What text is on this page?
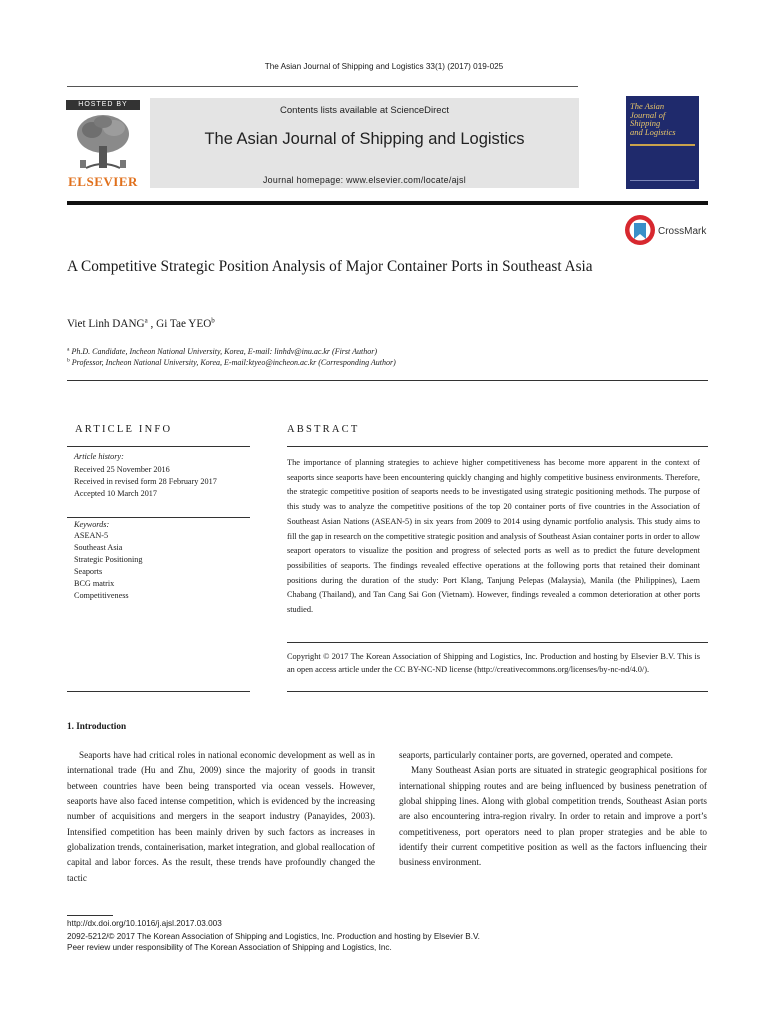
The Asian Journal of Shipping and Logistics 33(1) (2017) 019-025
HOSTED BY
ELSEVIER
Contents lists available at ScienceDirect
The Asian Journal of Shipping and Logistics
Journal homepage: www.elsevier.com/locate/ajsl
The Asian
Journal of
Shipping
and Logistics
CrossMark
A Competitive Strategic Position Analysis of Major Container Ports in Southeast Asia
Viet Linh DANG$^a$ , Gi Tae YEO$^b$
$^a$ Ph.D. Candidate, Incheon National University, Korea, E-mail: linhdv@inu.ac.kr (First Author)
$^b$ Professor, Incheon National University, Korea, E-mail:ktyeo@incheon.ac.kr (Corresponding Author)
ARTICLE INFO	ABSTRACT
Article history:
Received 25 November 2016
Received in revised form 28 February 2017
Accepted 10 March 2017
Keywords:
ASEAN-5
Southeast Asia
Strategic Positioning
Seaports
BCG matrix
Competitiveness
The importance of planning strategies to achieve higher competitiveness has become more apparent in the context of seaports since seaports have been encountering quickly changing and highly competitive business environments. Therefore, the strategic competitive position of seaports needs to be investigated using strategic positioning methods. The purpose of this study was to analyze the competitive positions of the top 20 container ports of five countries in the Association of Southeast Asian Nations (ASEAN-5) in six years from 2009 to 2014 using dynamic portfolio analysis. This study aims to fill the gap in research on the competitive strategic position and analysis of Southeast Asian container ports in order to allow seaport operators to visualize the position and progress of selected ports as well as to predict the future development possibilities of seaports. The findings revealed effective operations at the following ports that retained their dominant positions during the duration of the study: Port Klang, Tanjung Pelepas (Malaysia), Manila (the Philippines), Laem Chabang (Thailand), and Tan Cang Sai Gon (Vietnam). However, findings revealed a common deterioration at other ports studied.
Copyright © 2017 The Korean Association of Shipping and Logistics, Inc. Production and hosting by Elsevier B.V. This is an open access article under the CC BY-NC-ND license (http://creativecommons.org/licenses/by-nc-nd/4.0/).
1. Introduction
Seaports have had critical roles in national economic development as well as in international trade (Hu and Zhu, 2009) since the majority of goods in transit between countries have been being transported via ocean vessels. However, seaports have also faced intense competition, which is evidenced by the increasing number of acquisitions and mergers in the seaport industry (Panayides, 2003). Intensified competition has been mainly driven by such factors as increases in globalization trends, containerisation, market integration, and global reallocation of capital and labor forces. As the result, these trends have profoundly changed the tactic

seaports, particularly container ports, are governed, operated and compete.

Many Southeast Asian ports are situated in strategic geographical positions for international shipping routes and are being influenced by business penetration of global shipping lines. Along with global competition trends, Southeast Asian ports are also encountering intra-region rivalry. In order to retain and improve a port’s competitiveness, port operators need to plan proper strategies and be able to identify their current competitive position as well as the factors influencing their business environment.

http://dx.doi.org/10.1016/j.ajsl.2017.03.003
2092-5212/© 2017 The Korean Association of Shipping and Logistics, Inc. Production and hosting by Elsevier B.V.
Peer review under responsibility of The Korean Association of Shipping and Logistics, Inc.
